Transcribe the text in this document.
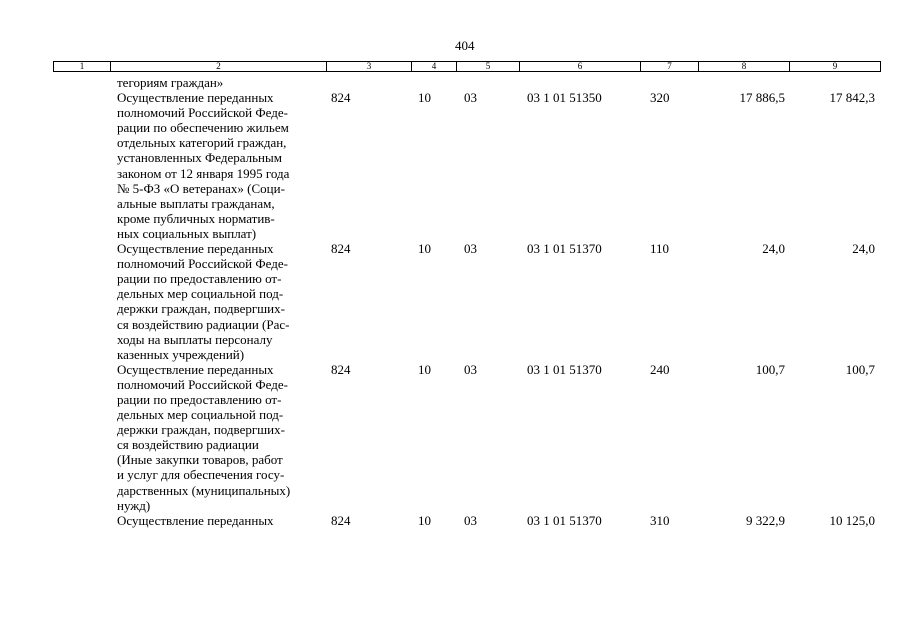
404
1	2	3	4	5	6	7	8	9
тегориям граждан»
Осуществление переданных
полномочий Российской Феде-
рации по обеспечению жильем
отдельных категорий граждан,
установленных Федеральным
законом от 12 января 1995 года
№ 5-ФЗ «О ветеранах» (Соци-
альные выплаты гражданам,
кроме публичных норматив-
ных социальных выплат)
824	10	03	03 1 01 51350	320	17 886,5	17 842,3
Осуществление переданных
полномочий Российской Феде-
рации по предоставлению от-
дельных мер социальной под-
держки граждан, подвергших-
ся воздействию радиации (Рас-
ходы на выплаты персоналу
казенных учреждений)
824	10	03	03 1 01 51370	110	24,0	24,0
Осуществление переданных
полномочий Российской Феде-
рации по предоставлению от-
дельных мер социальной под-
держки граждан, подвергших-
ся воздействию радиации
(Иные закупки товаров, работ
и услуг для обеспечения госу-
дарственных (муниципальных)
нужд)
824	10	03	03 1 01 51370	240	100,7	100,7
Осуществление переданных	824	10	03	03 1 01 51370	310	9 322,9	10 125,0
